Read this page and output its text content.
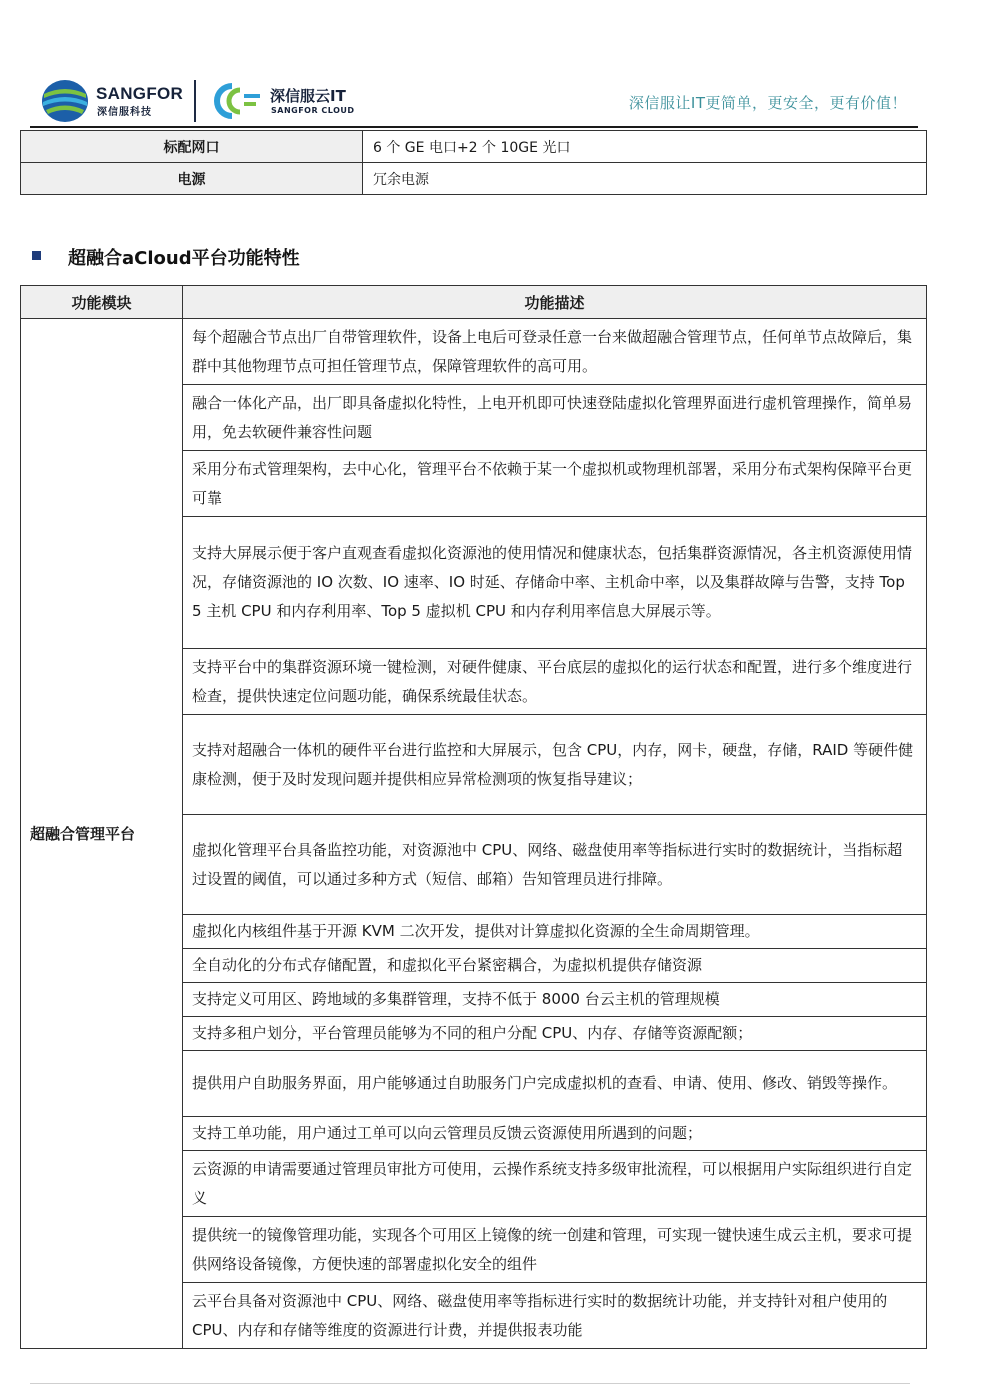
SANGFOR
深信服科技
深信服云IT
SANGFOR CLOUD	深信服让IT更简单，更安全，更有价值！
标配网口	6 个 GE 电口+2 个 10GE 光口
电源	冗余电源
超融合aCloud平台功能特性
功能模块	功能描述
超融合管理平台	每个超融合节点出厂自带管理软件，设备上电后可登录任意一台来做超融合管理节点，任何单节点故障后，集群中其他物理节点可担任管理节点，保障管理软件的高可用。
	融合一体化产品，出厂即具备虚拟化特性，上电开机即可快速登陆虚拟化管理界面进行虚机管理操作，简单易用，免去软硬件兼容性问题
	采用分布式管理架构，去中心化，管理平台不依赖于某一个虚拟机或物理机部署，采用分布式架构保障平台更可靠
	支持大屏展示便于客户直观查看虚拟化资源池的使用情况和健康状态，包括集群资源情况，各主机资源使用情况，存储资源池的 IO 次数、IO 速率、IO 时延、存储命中率、主机命中率，以及集群故障与告警，支持 Top 5 主机 CPU 和内存利用率、Top 5 虚拟机 CPU 和内存利用率信息大屏展示等。
	支持平台中的集群资源环境一键检测，对硬件健康、平台底层的虚拟化的运行状态和配置，进行多个维度进行检查，提供快速定位问题功能，确保系统最佳状态。
	支持对超融合一体机的硬件平台进行监控和大屏展示，包含 CPU，内存，网卡，硬盘，存储，RAID 等硬件健康检测，便于及时发现问题并提供相应异常检测项的恢复指导建议；
	虚拟化管理平台具备监控功能，对资源池中 CPU、网络、磁盘使用率等指标进行实时的数据统计，当指标超过设置的阈值，可以通过多种方式（短信、邮箱）告知管理员进行排障。
	虚拟化内核组件基于开源 KVM 二次开发，提供对计算虚拟化资源的全生命周期管理。
	全自动化的分布式存储配置，和虚拟化平台紧密耦合，为虚拟机提供存储资源
	支持定义可用区、跨地域的多集群管理，支持不低于 8000 台云主机的管理规模
	支持多租户划分，平台管理员能够为不同的租户分配 CPU、内存、存储等资源配额；
	提供用户自助服务界面，用户能够通过自助服务门户完成虚拟机的查看、申请、使用、修改、销毁等操作。
	支持工单功能，用户通过工单可以向云管理员反馈云资源使用所遇到的问题；
	云资源的申请需要通过管理员审批方可使用，云操作系统支持多级审批流程，可以根据用户实际组织进行自定义
	提供统一的镜像管理功能，实现各个可用区上镜像的统一创建和管理，可实现一键快速生成云主机，要求可提供网络设备镜像，方便快速的部署虚拟化安全的组件
	云平台具备对资源池中 CPU、网络、磁盘使用率等指标进行实时的数据统计功能，并支持针对租户使用的 CPU、内存和存储等维度的资源进行计费，并提供报表功能
